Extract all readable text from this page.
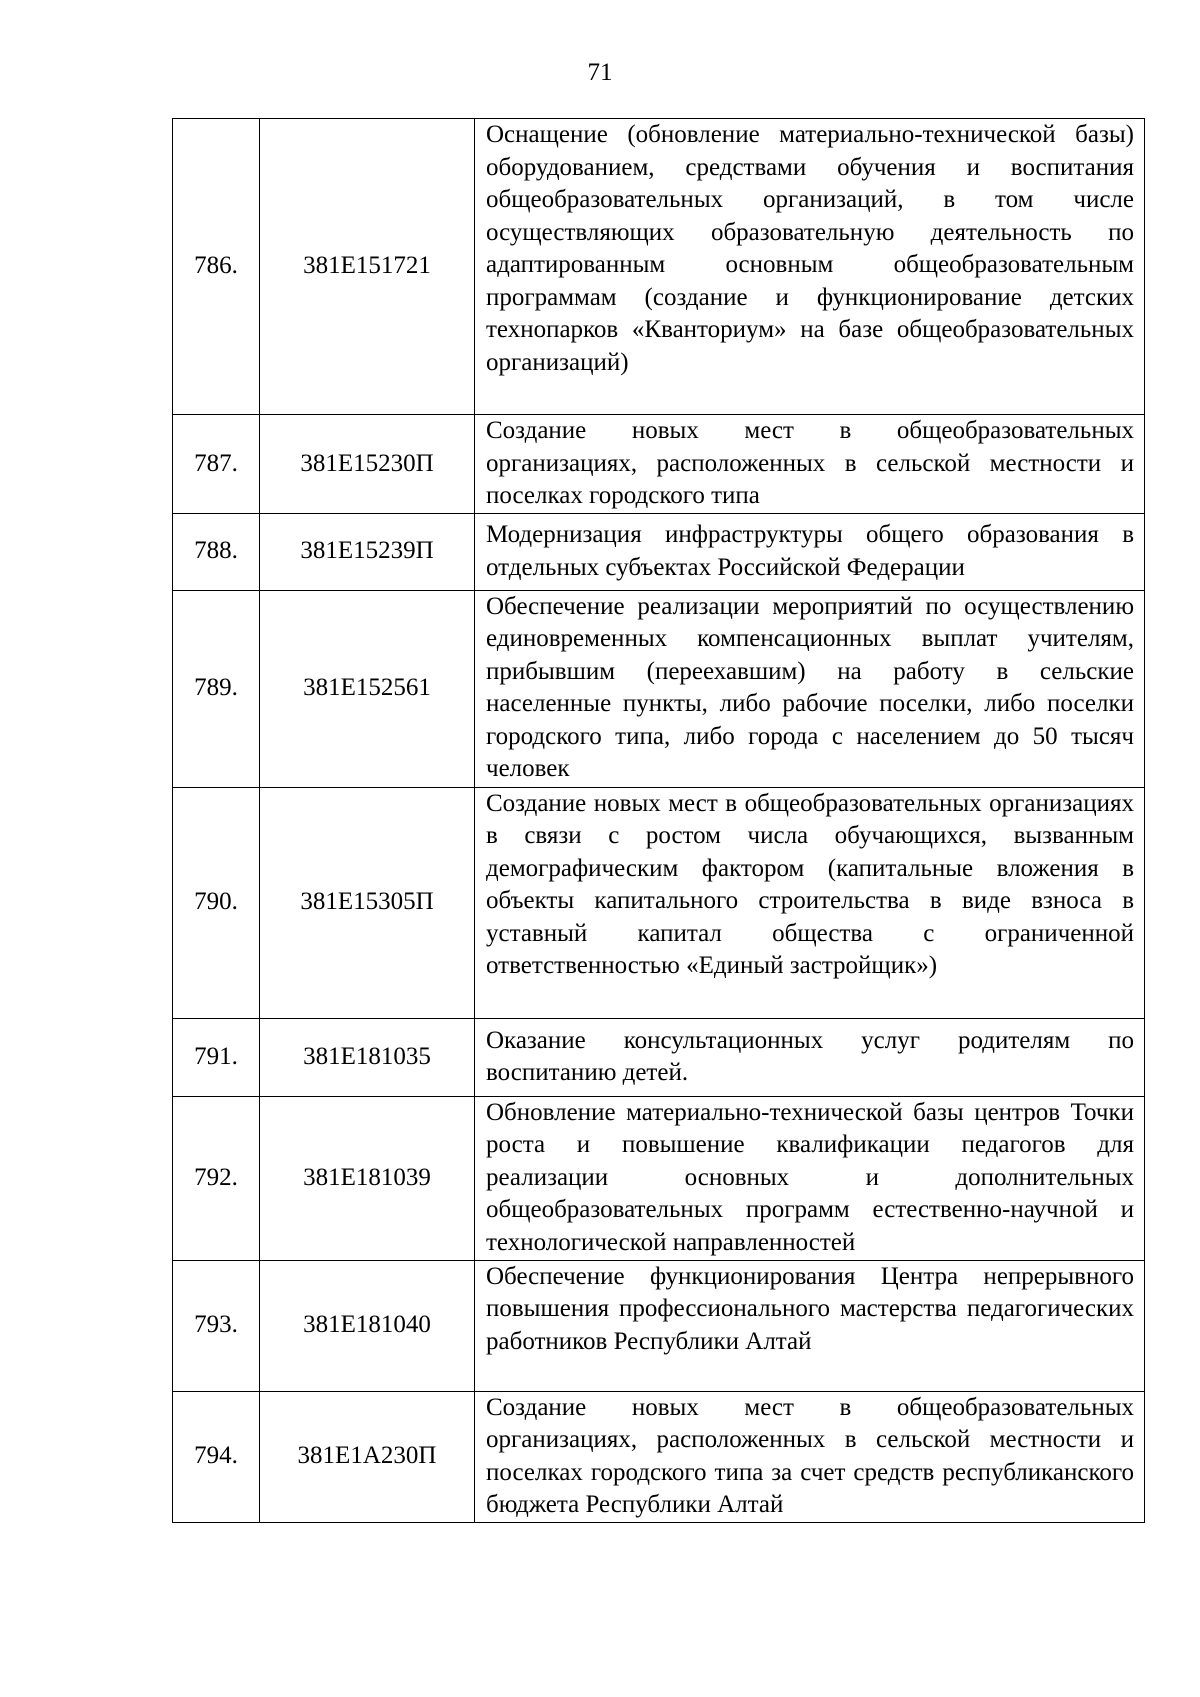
71
786.	381E151721	Оснащение (обновление материально-технической базы) оборудованием, средствами обучения и воспитания общеобразовательных организаций, в том числе осуществляющих образовательную деятельность по адаптированным основным общеобразовательным программам (создание и функционирование детских технопарков «Кванториум» на базе общеобразовательных организаций)
787.	381E15230П	Создание новых мест в общеобразовательных организациях, расположенных в сельской местности и поселках городского типа
788.	381E15239П	Модернизация инфраструктуры общего образования в отдельных субъектах Российской Федерации
789.	381E152561	Обеспечение реализации мероприятий по осуществлению единовременных компенсационных выплат учителям, прибывшим (переехавшим) на работу в сельские населенные пункты, либо рабочие поселки, либо поселки городского типа, либо города с населением до 50 тысяч человек
790.	381E15305П	Создание новых мест в общеобразовательных организациях в связи с ростом числа обучающихся, вызванным демографическим фактором (капитальные вложения в объекты капитального строительства в виде взноса в уставный капитал общества с ограниченной ответственностью «Единый застройщик»)
791.	381E181035	Оказание консультационных услуг родителям по воспитанию детей.
792.	381E181039	Обновление материально-технической базы центров Точки роста и повышение квалификации педагогов для реализации основных и дополнительных общеобразовательных программ естественно-научной и технологической направленностей
793.	381E181040	Обеспечение функционирования Центра непрерывного повышения профессионального мастерства педагогических работников Республики Алтай
794.	381E1A230П	Создание новых мест в общеобразовательных организациях, расположенных в сельской местности и поселках городского типа за счет средств республиканского бюджета Республики Алтай
